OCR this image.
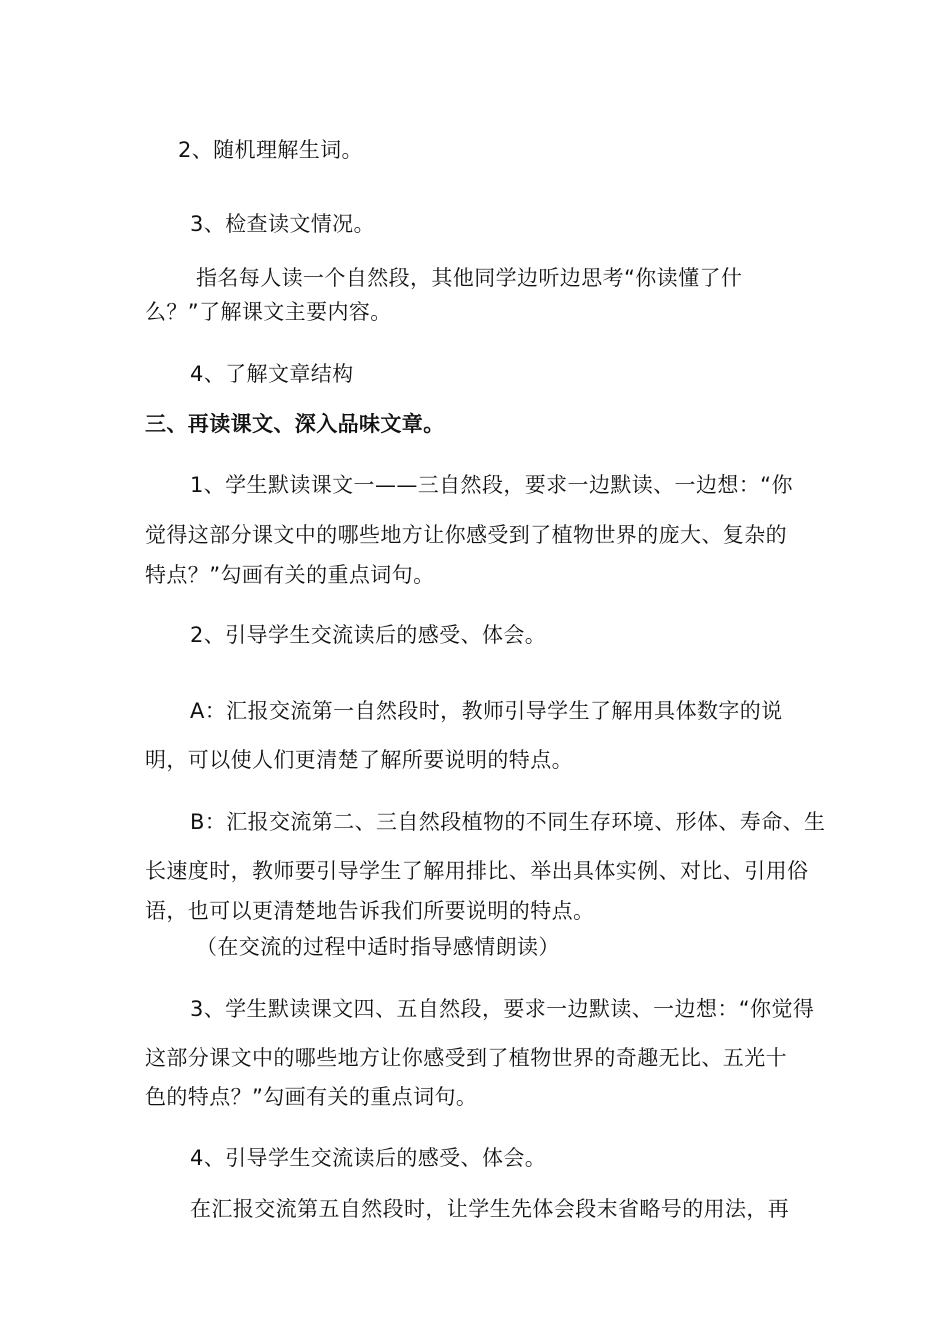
2、随机理解生词。
3、检查读文情况。
指名每人读一个自然段，其他同学边听边思考“你读懂了什
么？”了解课文主要内容。
4、了解文章结构
三、再读课文、深入品味文章。
1、学生默读课文一——三自然段，要求一边默读、一边想：“你
觉得这部分课文中的哪些地方让你感受到了植物世界的庞大、复杂的
特点？”勾画有关的重点词句。
2、引导学生交流读后的感受、体会。
A：汇报交流第一自然段时，教师引导学生了解用具体数字的说
明，可以使人们更清楚了解所要说明的特点。
B：汇报交流第二、三自然段植物的不同生存环境、形体、寿命、生
长速度时，教师要引导学生了解用排比、举出具体实例、对比、引用俗
语，也可以更清楚地告诉我们所要说明的特点。
（在交流的过程中适时指导感情朗读）
3、学生默读课文四、五自然段，要求一边默读、一边想：“你觉得
这部分课文中的哪些地方让你感受到了植物世界的奇趣无比、五光十
色的特点？”勾画有关的重点词句。
4、引导学生交流读后的感受、体会。
在汇报交流第五自然段时，让学生先体会段末省略号的用法，再
